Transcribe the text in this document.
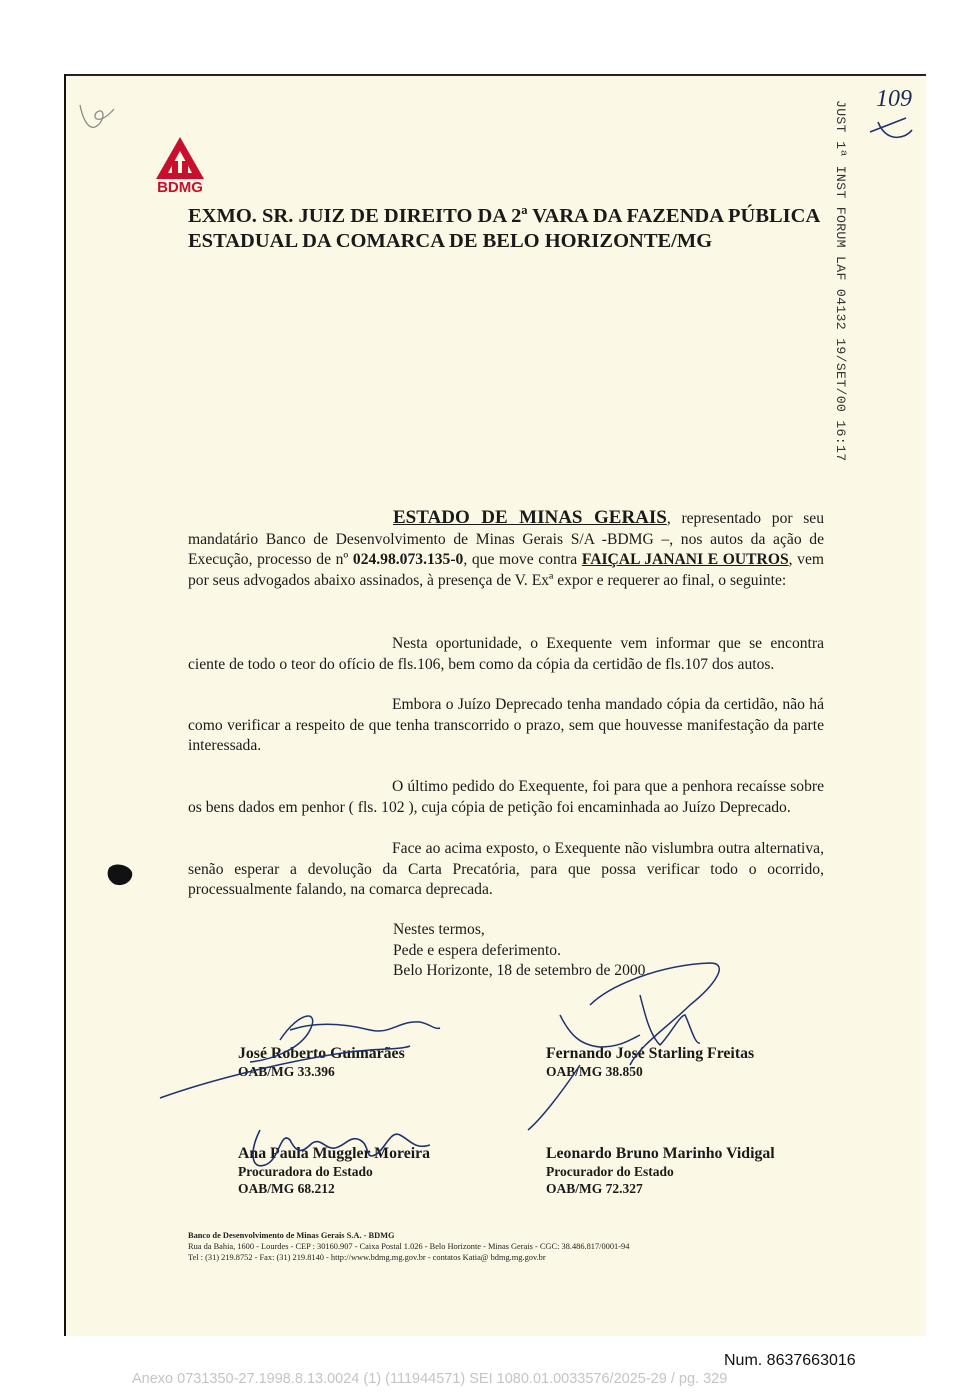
BDMG	JUST 1ª INST FORUM LAF 04132 19/SET/00 16:17
109
EXMO. SR. JUIZ DE DIREITO DA 2ª VARA DA FAZENDA PÚBLICA
ESTADUAL DA COMARCA DE BELO HORIZONTE/MG
ESTADO DE MINAS GERAIS, representado por seu mandatário Banco de Desenvolvimento de Minas Gerais S/A -BDMG –, nos autos da ação de Execução, processo de nº 024.98.073.135-0, que move contra FAIÇAL JANANI E OUTROS, vem por seus advogados abaixo assinados, à presença de V. Exª expor e requerer ao final, o seguinte:
Nesta oportunidade, o Exequente vem informar que se encontra ciente de todo o teor do ofício de fls.106, bem como da cópia da certidão de fls.107 dos autos.
Embora o Juízo Deprecado tenha mandado cópia da certidão, não há como verificar a respeito de que tenha transcorrido o prazo, sem que houvesse manifestação da parte interessada.
O último pedido do Exequente, foi para que a penhora recaísse sobre os bens dados em penhor ( fls. 102 ), cuja cópia de petição foi encaminhada ao Juízo Deprecado.
Face ao acima exposto, o Exequente não vislumbra outra alternativa, senão esperar a devolução da Carta Precatória, para que possa verificar todo o ocorrido, processualmente falando, na comarca deprecada.
Nestes termos,
Pede e espera deferimento.
Belo Horizonte, 18 de setembro de 2000
José Roberto Guimarães
OAB/MG 33.396
Fernando José Starling Freitas
OAB/MG 38.850
Ana Paula Muggler Moreira
Procuradora do Estado
OAB/MG 68.212
Leonardo Bruno Marinho Vidigal
Procurador do Estado
OAB/MG 72.327
Banco de Desenvolvimento de Minas Gerais S.A. - BDMG
Rua da Bahia, 1600 - Lourdes - CEP : 30160.907 - Caixa Postal 1.026 - Belo Horizonte - Minas Gerais - CGC: 38.486.817/0001-94
Tel : (31) 219.8752 - Fax: (31) 219.8140 - http://www.bdmg.mg.gov.br - contatos Katia@ bdmg.mg.gov.br
Num. 8637663016
Anexo 0731350-27.1998.8.13.0024 (1) (111944571) SEI 1080.01.0033576/2025-29 / pg. 329
